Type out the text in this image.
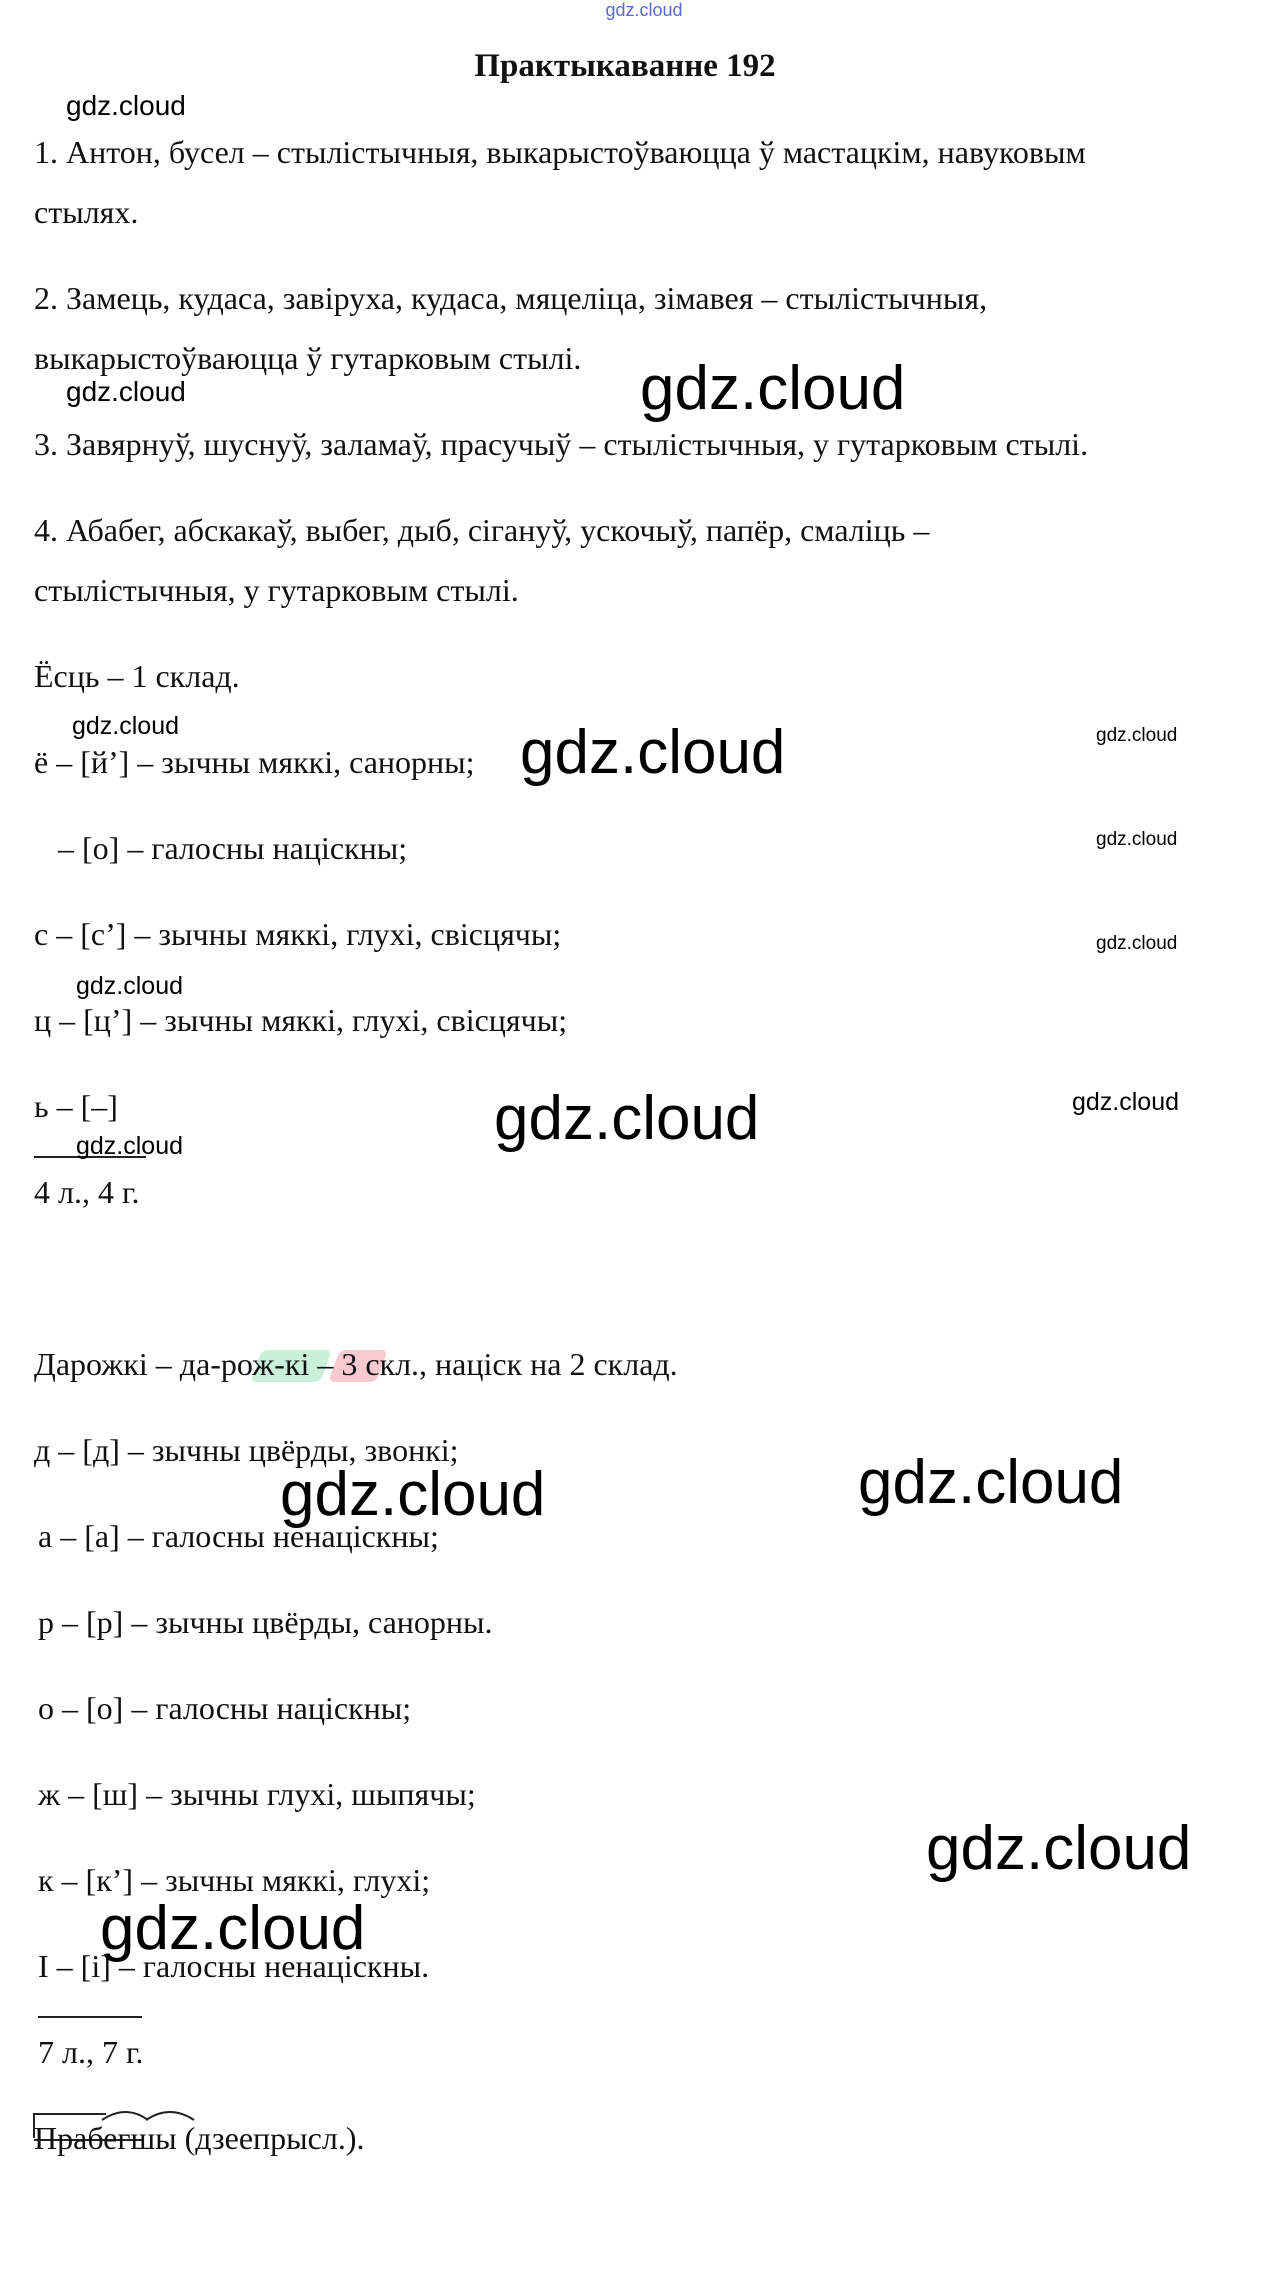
gdz.cloud
Практыкаванне 192
1. Антон, бусел – стылістычныя, выкарыстоўваюцца ў мастацкім, навуковым
стылях.
2. Замець, кудаса, завіруха, кудаса, мяцеліца, зімавея – стылістычныя,
выкарыстоўваюцца ў гутарковым стылі.
3. Завярнуў, шуснуў, заламаў, прасучыў – стылістычныя, у гутарковым стылі.
4. Абабег, абскакаў, выбег, дыб, сігануў, ускочыў, папёр, смаліць –
стылістычныя, у гутарковым стылі.
Ёсць – 1 склад.
ё – [й’] – зычны мяккі, санорны;
– [о] – галосны націскны;
с – [с’] – зычны мяккі, глухі, свісцячы;
ц – [ц’] – зычны мяккі, глухі, свісцячы;
ь – [–]
4 л., 4 г.
Дарожкі – да-рож-кі – 3 скл., націск на 2 склад.
д – [д] – зычны цвёрды, звонкі;
а – [а] – галосны ненаціскны;
р – [р] – зычны цвёрды, санорны.
о – [о] – галосны націскны;
ж – [ш] – зычны глухі, шыпячы;
к – [к’] – зычны мяккі, глухі;
І – [і] – галосны ненаціскны.
7 л., 7 г.
Прабегшы (дзеепрысл.).
gdz.cloud
gdz.cloud	gdz.cloud
gdz.cloud	gdz.cloud	gdz.cloud
gdz.cloud
gdz.cloud
gdz.cloud
gdz.cloud	gdz.cloud
gdz.cloud
gdz.cloud	gdz.cloud
gdz.cloud
gdz.cloud
